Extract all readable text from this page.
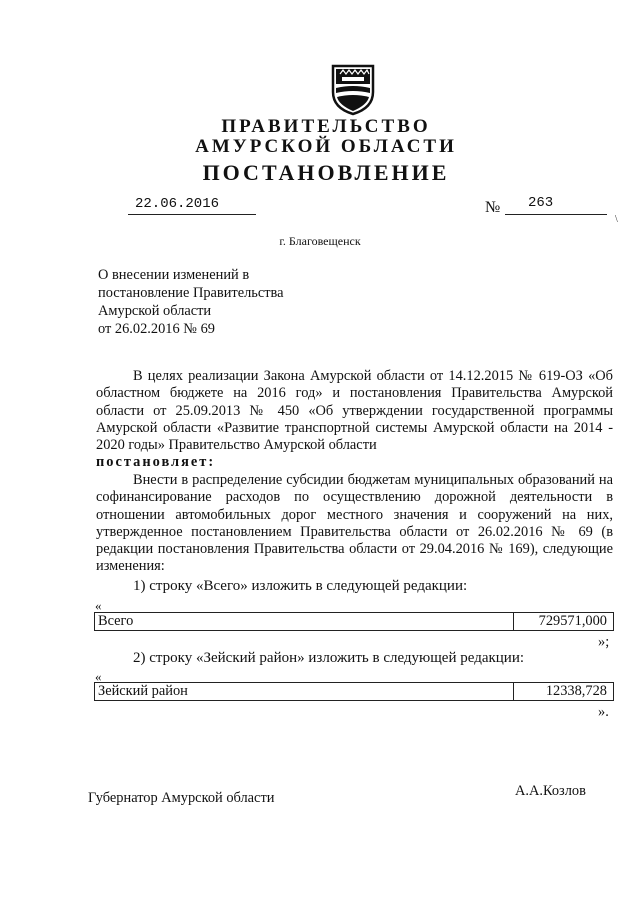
ПРАВИТЕЛЬСТВО
АМУРСКОЙ ОБЛАСТИ
ПОСТАНОВЛЕНИЕ
22.06.2016	№ 263
\
г. Благовещенск
О внесении изменений в
постановление Правительства
Амурской области
от 26.02.2016 № 69
В целях реализации Закона Амурской области от 14.12.2015 № 619-ОЗ «Об областном бюджете на 2016 год» и постановления Правительства Амурской области от 25.09.2013 № 450 «Об утверждении государственной программы Амурской области «Развитие транспортной системы Амурской области на 2014 - 2020 годы» Правительство Амурской области
постановляет:
Внести в распределение субсидии бюджетам муниципальных образований на софинансирование расходов по осуществлению дорожной деятельности в отношении автомобильных дорог местного значения и сооружений на них, утвержденное постановлением Правительства области от 26.02.2016 № 69 (в редакции постановления Правительства области от 29.04.2016 № 169), следующие изменения:
1) строку «Всего» изложить в следующей редакции:
«
Всего	729571,000
»;
2) строку «Зейский район» изложить в следующей редакции:
«
Зейский район	12338,728
».
Губернатор Амурской области	А.А.Козлов
